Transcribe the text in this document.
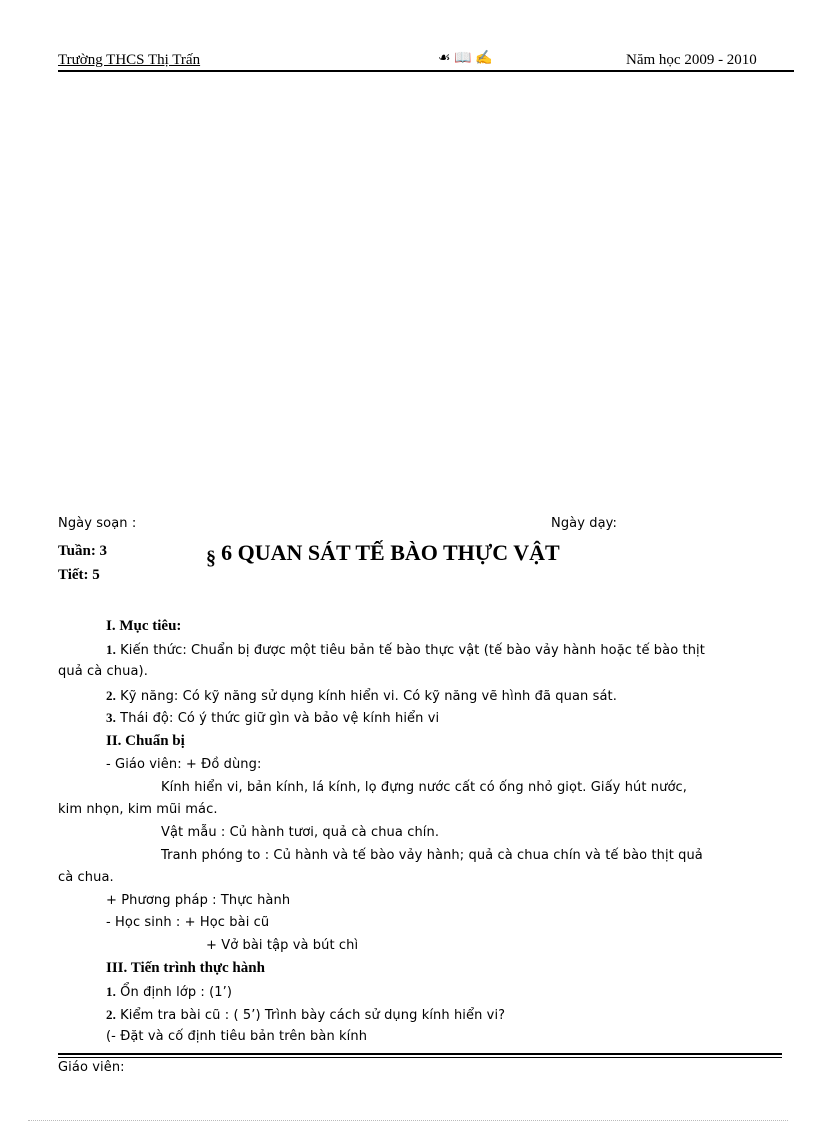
Trường THCS Thị Trấn	☙ 📖 ✍	Năm học 2009 - 2010
Ngày soạn :	Ngày dạy:
Tuần: 3
Tiết: 5
§ 6 QUAN SÁT TẾ BÀO THỰC VẬT
I. Mục tiêu:
1. Kiến thức: Chuẩn bị được một tiêu bản tế bào thực vật (tế bào vảy hành hoặc tế bào thịt
quả cà chua).
2. Kỹ năng: Có kỹ năng sử dụng kính hiển vi. Có kỹ năng vẽ hình đã quan sát.
3. Thái độ: Có ý thức giữ gìn và bảo vệ kính hiển vi
II. Chuẩn bị
- Giáo viên: + Đồ dùng:
Kính hiển vi, bản kính, lá kính, lọ đựng nước cất có ống nhỏ giọt. Giấy hút nước,
kim nhọn, kim mũi mác.
Vật mẫu : Củ hành tươi, quả cà chua chín.
Tranh phóng to : Củ hành và tế bào vảy hành; quả cà chua chín và tế bào thịt quả
cà chua.
+ Phương pháp : Thực hành
- Học sinh : + Học bài cũ
+ Vở bài tập và bút chì
III. Tiến trình thực hành
1. Ổn định lớp : (1’)
2. Kiểm tra bài cũ : ( 5’) Trình bày cách sử dụng kính hiển vi?
(- Đặt và cố định tiêu bản trên bàn kính
Giáo viên:
